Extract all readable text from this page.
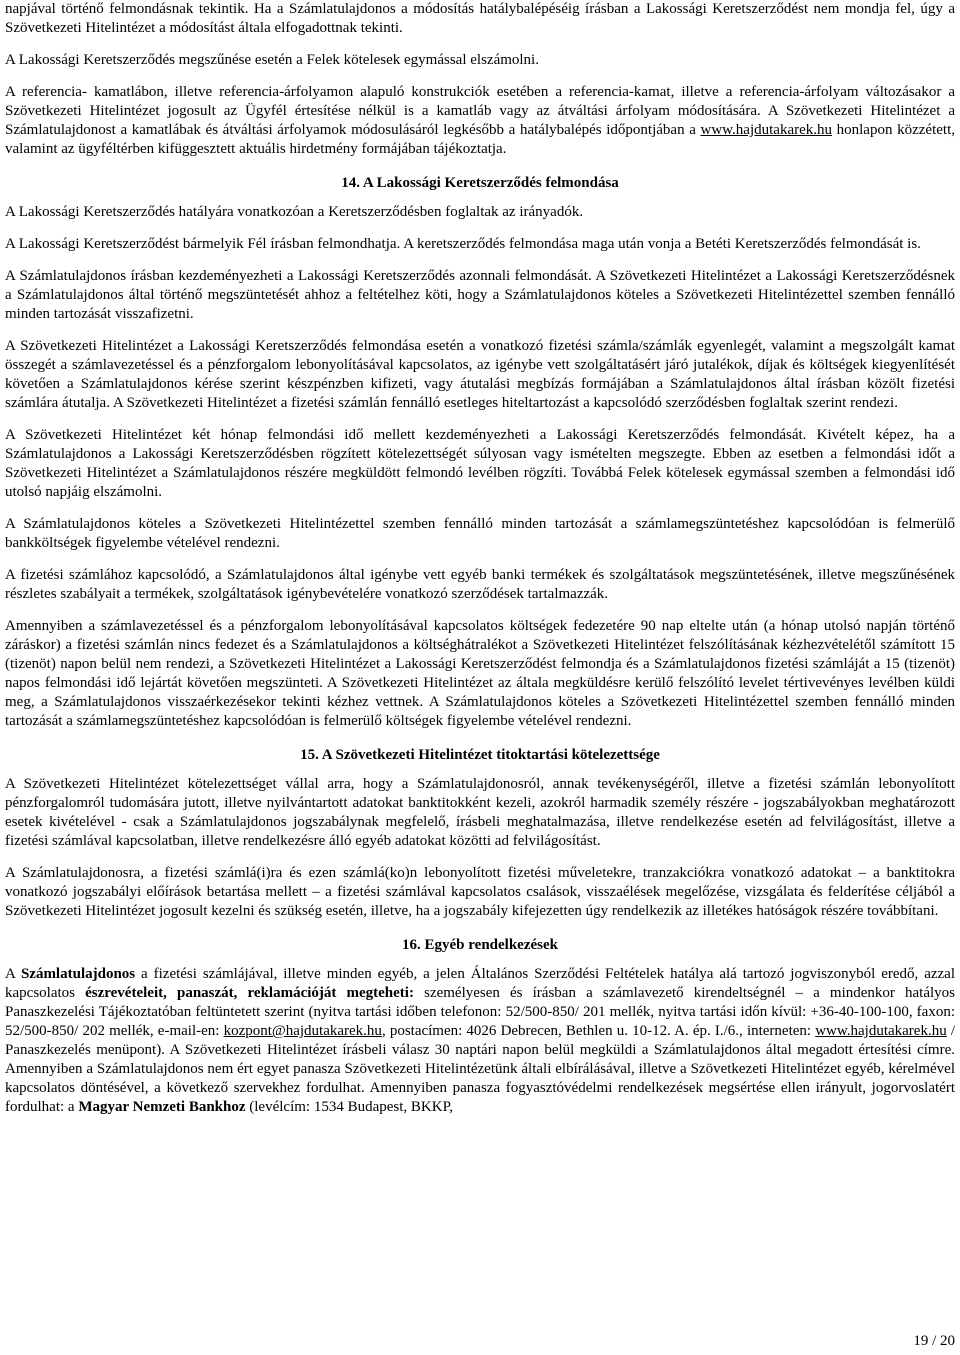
napjával történő felmondásnak tekintik. Ha a Számlatulajdonos a módosítás hatálybalépéséig írásban a Lakossági Keretszerződést nem mondja fel, úgy a Szövetkezeti Hitelintézet a módosítást általa elfogadottnak tekinti.

A Lakossági Keretszerződés megszűnése esetén a Felek kötelesek egymással elszámolni.

A referencia- kamatlábon, illetve referencia-árfolyamon alapuló konstrukciók esetében a referencia-kamat, illetve a referencia-árfolyam változásakor a Szövetkezeti Hitelintézet jogosult az Ügyfél értesítése nélkül is a kamatláb vagy az átváltási árfolyam módosítására. A Szövetkezeti Hitelintézet a Számlatulajdonost a kamatlábak és átváltási árfolyamok módosulásáról legkésőbb a hatálybalépés időpontjában a www.hajdutakarek.hu honlapon közzétett, valamint az ügyféltérben kifüggesztett aktuális hirdetmény formájában tájékoztatja.

14. A Lakossági Keretszerződés felmondása

A Lakossági Keretszerződés hatályára vonatkozóan a Keretszerződésben foglaltak az irányadók.

A Lakossági Keretszerződést bármelyik Fél írásban felmondhatja. A keretszerződés felmondása maga után vonja a Betéti Keretszerződés felmondását is.

A Számlatulajdonos írásban kezdeményezheti a Lakossági Keretszerződés azonnali felmondását. A Szövetkezeti Hitelintézet a Lakossági Keretszerződésnek a Számlatulajdonos által történő megszüntetését ahhoz a feltételhez köti, hogy a Számlatulajdonos köteles a Szövetkezeti Hitelintézettel szemben fennálló minden tartozását visszafizetni.

A Szövetkezeti Hitelintézet a Lakossági Keretszerződés felmondása esetén a vonatkozó fizetési számla/számlák egyenlegét, valamint a megszolgált kamat összegét a számlavezetéssel és a pénzforgalom lebonyolításával kapcsolatos, az igénybe vett szolgáltatásért járó jutalékok, díjak és költségek kiegyenlítését követően a Számlatulajdonos kérése szerint készpénzben kifizeti, vagy átutalási megbízás formájában a Számlatulajdonos által írásban közölt fizetési számlára átutalja. A Szövetkezeti Hitelintézet a fizetési számlán fennálló esetleges hiteltartozást a kapcsolódó szerződésben foglaltak szerint rendezi.

A Szövetkezeti Hitelintézet két hónap felmondási idő mellett kezdeményezheti a Lakossági Keretszerződés felmondását. Kivételt képez, ha a Számlatulajdonos a Lakossági Keretszerződésben rögzített kötelezettségét súlyosan vagy ismételten megszegte. Ebben az esetben a felmondási időt a Szövetkezeti Hitelintézet a Számlatulajdonos részére megküldött felmondó levélben rögzíti. Továbbá Felek kötelesek egymással szemben a felmondási idő utolsó napjáig elszámolni.

A Számlatulajdonos köteles a Szövetkezeti Hitelintézettel szemben fennálló minden tartozását a számlamegszüntetéshez kapcsolódóan is felmerülő bankköltségek figyelembe vételével rendezni.

A fizetési számlához kapcsolódó, a Számlatulajdonos által igénybe vett egyéb banki termékek és szolgáltatások megszüntetésének, illetve megszűnésének részletes szabályait a termékek, szolgáltatások igénybevételére vonatkozó szerződések tartalmazzák.

Amennyiben a számlavezetéssel és a pénzforgalom lebonyolításával kapcsolatos költségek fedezetére 90 nap eltelte után (a hónap utolsó napján történő záráskor) a fizetési számlán nincs fedezet és a Számlatulajdonos a költséghátralékot a Szövetkezeti Hitelintézet felszólításának kézhezvételétől számított 15 (tizenöt) napon belül nem rendezi, a Szövetkezeti Hitelintézet a Lakossági Keretszerződést felmondja és a Számlatulajdonos fizetési számláját a 15 (tizenöt) napos felmondási idő lejártát követően megszünteti. A Szövetkezeti Hitelintézet az általa megküldésre kerülő felszólító levelet tértivevényes levélben küldi meg, a Számlatulajdonos visszaérkezésekor tekinti kézhez vettnek. A Számlatulajdonos köteles a Szövetkezeti Hitelintézettel szemben fennálló minden tartozását a számlamegszüntetéshez kapcsolódóan is felmerülő költségek figyelembe vételével rendezni.

15. A Szövetkezeti Hitelintézet titoktartási kötelezettsége

A Szövetkezeti Hitelintézet kötelezettséget vállal arra, hogy a Számlatulajdonosról, annak tevékenységéről, illetve a fizetési számlán lebonyolított pénzforgalomról tudomására jutott, illetve nyilvántartott adatokat banktitokként kezeli, azokról harmadik személy részére - jogszabályokban meghatározott esetek kivételével - csak a Számlatulajdonos jogszabálynak megfelelő, írásbeli meghatalmazása, illetve rendelkezése esetén ad felvilágosítást, illetve a fizetési számlával kapcsolatban, illetve rendelkezésre álló egyéb adatokat közötti ad felvilágosítást.

A Számlatulajdonosra, a fizetési számlá(i)ra és ezen számlá(ko)n lebonyolított fizetési műveletekre, tranzakciókra vonatkozó adatokat – a banktitokra vonatkozó jogszabályi előírások betartása mellett – a fizetési számlával kapcsolatos csalások, visszaélések megelőzése, vizsgálata és felderítése céljából a Szövetkezeti Hitelintézet jogosult kezelni és szükség esetén, illetve, ha a jogszabály kifejezetten úgy rendelkezik az illetékes hatóságok részére továbbítani.

16. Egyéb rendelkezések

A Számlatulajdonos a fizetési számlájával, illetve minden egyéb, a jelen Általános Szerződési Feltételek hatálya alá tartozó jogviszonyból eredő, azzal kapcsolatos észrevételeit, panaszát, reklamációját megteheti: személyesen és írásban a számlavezető kirendeltségnél – a mindenkor hatályos Panaszkezelési Tájékoztatóban feltüntetett szerint (nyitva tartási időben telefonon: 52/500-850/ 201 mellék, nyitva tartási időn kívül: +36-40-100-100, faxon: 52/500-850/ 202 mellék, e-mail-en: kozpont@hajdutakarek.hu, postacímen: 4026 Debrecen, Bethlen u. 10-12. A. ép. I./6., interneten: www.hajdutakarek.hu / Panaszkezelés menüpont). A Szövetkezeti Hitelintézet írásbeli válasz 30 naptári napon belül megküldi a Számlatulajdonos által megadott értesítési címre. Amennyiben a Számlatulajdonos nem ért egyet panasza Szövetkezeti Hitelintézetünk általi elbírálásával, illetve a Szövetkezeti Hitelintézet egyéb, kérelmével kapcsolatos döntésével, a következő szervekhez fordulhat. Amennyiben panasza fogyasztóvédelmi rendelkezések megsértése ellen irányult, jogorvoslatért fordulhat: a Magyar Nemzeti Bankhoz (levélcím: 1534 Budapest, BKKP,

19 / 20
